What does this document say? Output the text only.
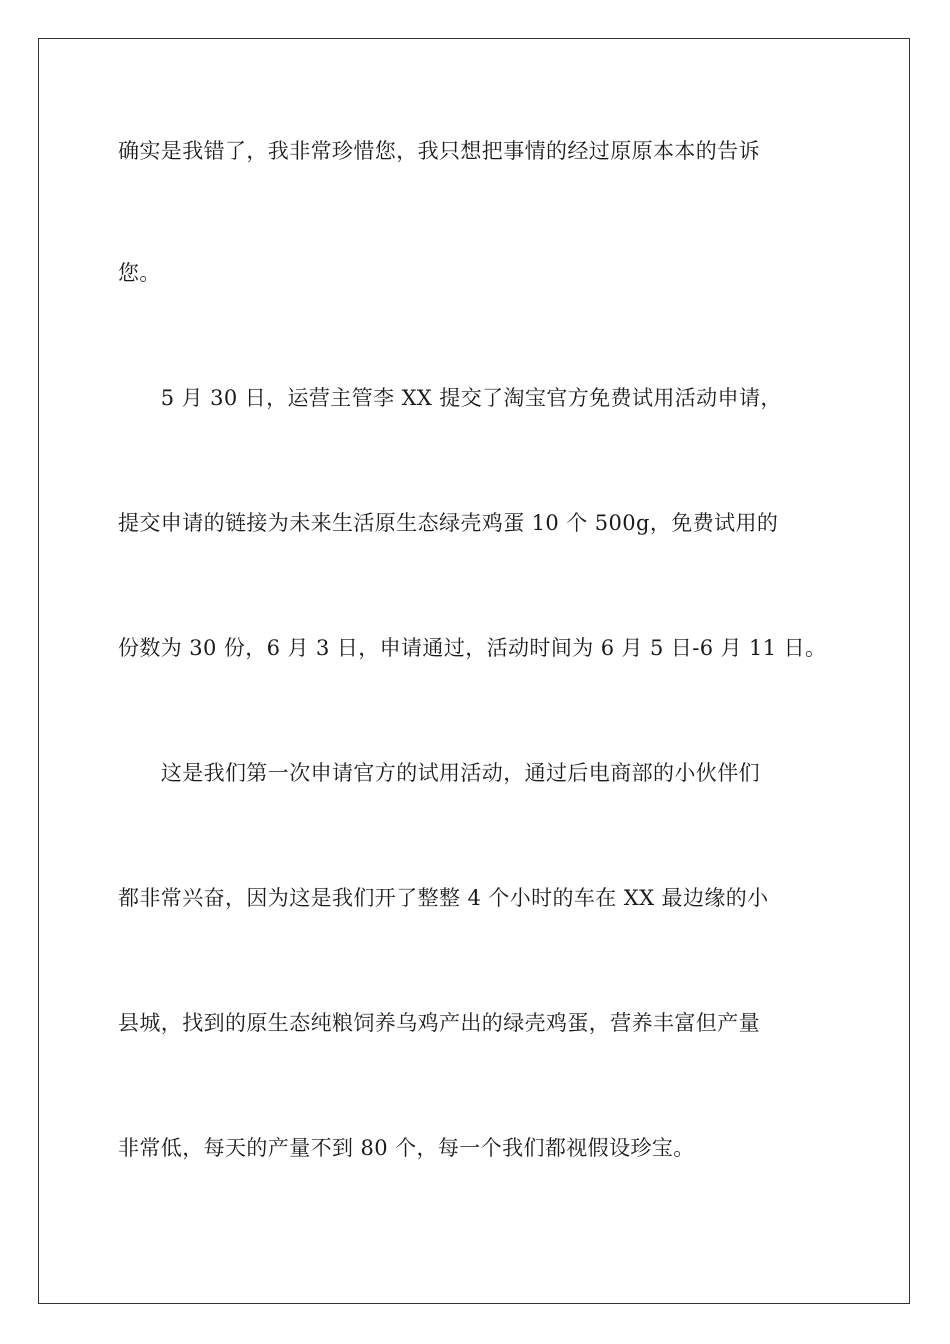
确实是我错了，我非常珍惜您，我只想把事情的经过原原本本的告诉
您。
　　5 月 30 日，运营主管李 XX 提交了淘宝官方免费试用活动申请，
提交申请的链接为未来生活原生态绿壳鸡蛋 10 个 500g，免费试用的
份数为 30 份，6 月 3 日，申请通过，活动时间为 6 月 5 日-6 月 11 日。
　　这是我们第一次申请官方的试用活动，通过后电商部的小伙伴们
都非常兴奋，因为这是我们开了整整 4 个小时的车在 XX 最边缘的小
县城，找到的原生态纯粮饲养乌鸡产出的绿壳鸡蛋，营养丰富但产量
非常低，每天的产量不到 80 个，每一个我们都视假设珍宝。
